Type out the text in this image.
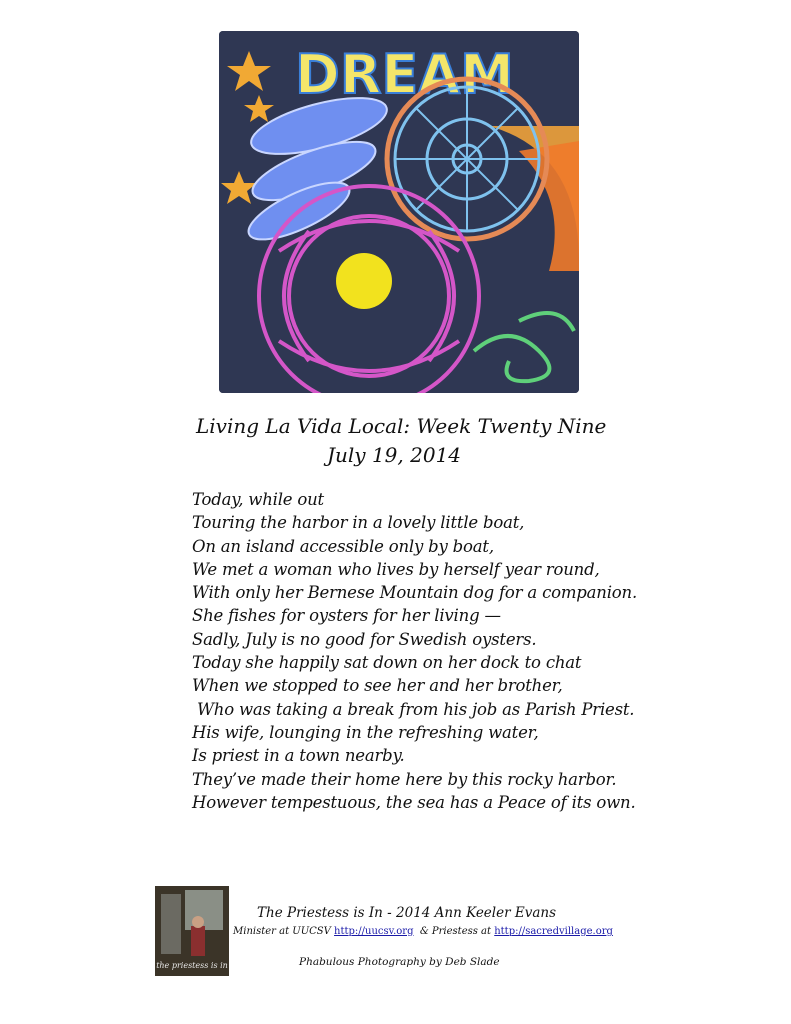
DREAM
Living La Vida Local: Week Twenty Nine
July 19, 2014
Today, while out
Touring the harbor in a lovely little boat,
On an island accessible only by boat,
We met a woman who lives by herself year round,
With only her Bernese Mountain dog for a companion.
She fishes for oysters for her living —
Sadly, July is no good for Swedish oysters.
Today she happily sat down on her dock to chat
When we stopped to see her and her brother,
Who was taking a break from his job as Parish Priest.
His wife, lounging in the refreshing water,
Is priest in a town nearby.
They’ve made their home here by this rocky harbor.
However tempestuous, the sea has a Peace of its own.
the priestess is in
The Priestess is In - 2014 Ann Keeler Evans
Minister at UUCSV http://uucsv.org  & Priestess at http://sacredvillage.org
Phabulous Photography by Deb Slade
